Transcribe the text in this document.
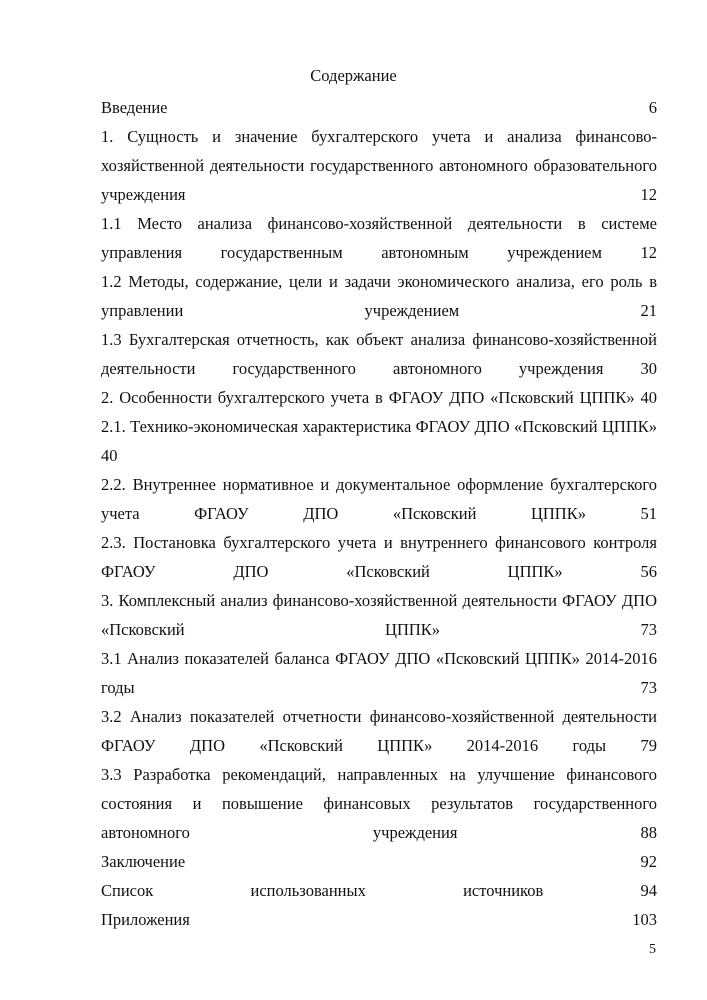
Содержание
Введение	6
1. Сущность и значение бухгалтерского учета и анализа финансово-хозяйственной деятельности государственного автономного образовательного учреждения	12
1.1 Место анализа финансово-хозяйственной деятельности в системе управления государственным автономным учреждением 12
1.2 Методы, содержание, цели и задачи экономического анализа, его роль в управлении учреждением	21
1.3 Бухгалтерская отчетность, как объект анализа финансово-хозяйственной деятельности государственного автономного учреждения 30
2. Особенности бухгалтерского учета в ФГАОУ ДПО «Псковский ЦППК» 40
2.1. Технико-экономическая характеристика ФГАОУ ДПО «Псковский ЦППК» 40
2.2. Внутреннее нормативное и документальное оформление бухгалтерского учета ФГАОУ ДПО «Псковский ЦППК»	51
2.3. Постановка бухгалтерского учета и внутреннего финансового контроля ФГАОУ ДПО «Псковский ЦППК»	56
3. Комплексный анализ финансово-хозяйственной деятельности ФГАОУ ДПО «Псковский ЦППК»	73
3.1 Анализ показателей баланса ФГАОУ ДПО «Псковский ЦППК» 2014-2016 годы	73
3.2 Анализ показателей отчетности финансово-хозяйственной деятельности ФГАОУ ДПО «Псковский ЦППК» 2014-2016 годы 79
3.3 Разработка рекомендаций, направленных на улучшение финансового состояния и повышение финансовых результатов государственного автономного учреждения	88
Заключение	92
Список использованных источников	94
Приложения	103
5
